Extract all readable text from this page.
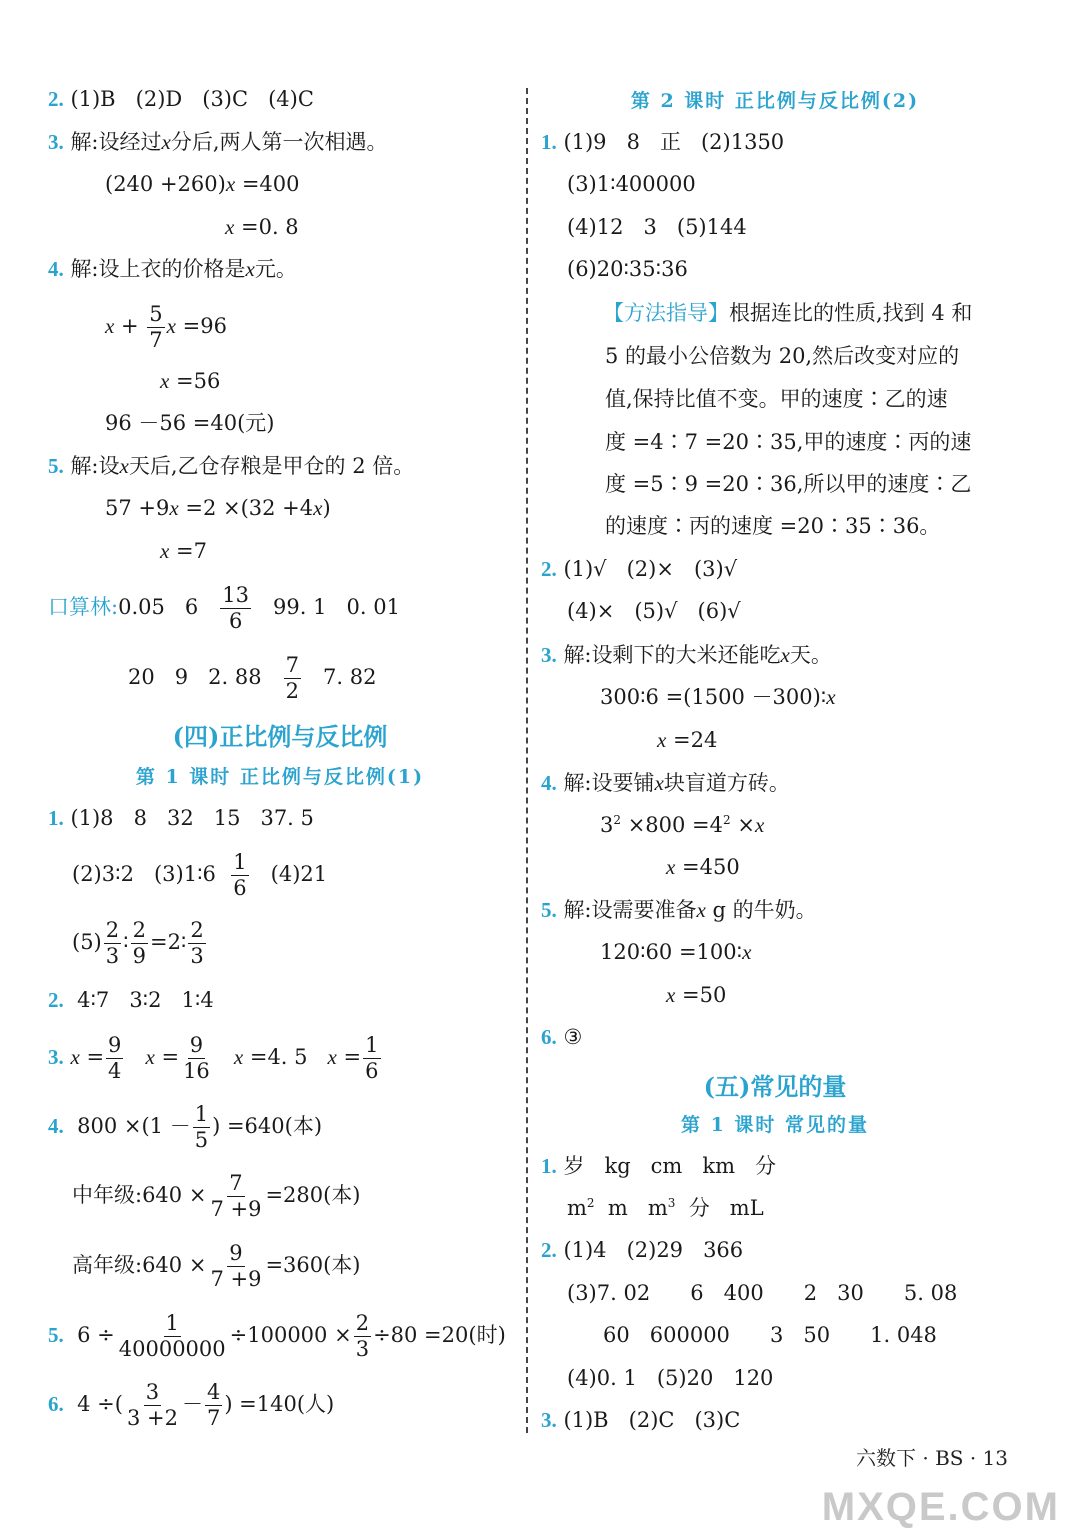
2. (1)B   (2)D   (3)C   (4)C
3. 解:设经过x分后,两人第一次相遇。
(240 +260)x =400
x =0. 8
4. 解:设上衣的价格是x元。
$x + \frac{5}{7}$ x =96
x =56
96 －56 =40(元)
5. 解:设x天后,乙仓存粮是甲仓的 2 倍。
57 +9x =2 ×(32 +4x)
x =7
口算林:0.05   $6 \frac{13}{6} 99$. 1   0. 01
20   9   2. $88 \frac{7}{2} 7$. 82
(四)正比例与反比例
第 1 课时 正比例与反比例(1)
1. (1)8   8   32   15   37. 5
(2)3∶2   (3)1∶6 $\frac{1}{6} (4)21$
$(5) \frac{2}{3}$ ∶ $\frac{2}{9}$ =2∶ $\frac{2}{3}$
2. 4∶7   3∶2   1∶4
3. $x = \frac{9}{4}$ $x = \frac{9}{16}$ x =4. 5 $x = \frac{1}{6}$
4. $800 \times(1 - \frac{1}{5}$ ) =640(本)
中年级:640 × $\frac{7}{7 +9} =280$(本)
高年级:640 × $\frac{9}{7 +9} =360$(本)
5. $6 \div \frac{1}{40000000} \div 100000 \times \frac{2}{3} \div 80 =20$(时)
6. 4 ÷( $\frac{3}{3 +2} - \frac{4}{7}$ ) =140(人)
第 2 课时 正比例与反比例(2)
1. (1)9   8   正   (2)1350
(3)1∶400000
(4)12   3   (5)144
(6)20∶35∶36
【方法指导】根据连比的性质,找到 4 和
5 的最小公倍数为 20,然后改变对应的
值,保持比值不变。甲的速度∶乙的速
度 =4∶7 =20∶35,甲的速度∶丙的速
度 =5∶9 =20∶36,所以甲的速度∶乙
的速度∶丙的速度 =20∶35∶36。
2. (1)√   (2)×   (3)√
(4)×   (5)√   (6)√
3. 解:设剩下的大米还能吃x天。
300∶6 =(1500 －300)∶x
x =24
4. 解:设要铺x块盲道方砖。
$3^2 \times 800 =4^2 \times x$
x =450
5. 解:设需要准备x g 的牛奶。
120∶60 =100∶x
x =50
6. ③
(五)常见的量
第 1 课时 常见的量
1. 岁   kg   cm   km   分
$m^2$  m   $m^3$  分   mL
2. (1)4   (2)29   366
(3)7. 02      6   400      2   30      5. 08
60   600000      3   50      1. 048
(4)0. 1   (5)20   120
3. (1)B   (2)C   (3)C
六数下 · BS · 13
MXQE.COM
